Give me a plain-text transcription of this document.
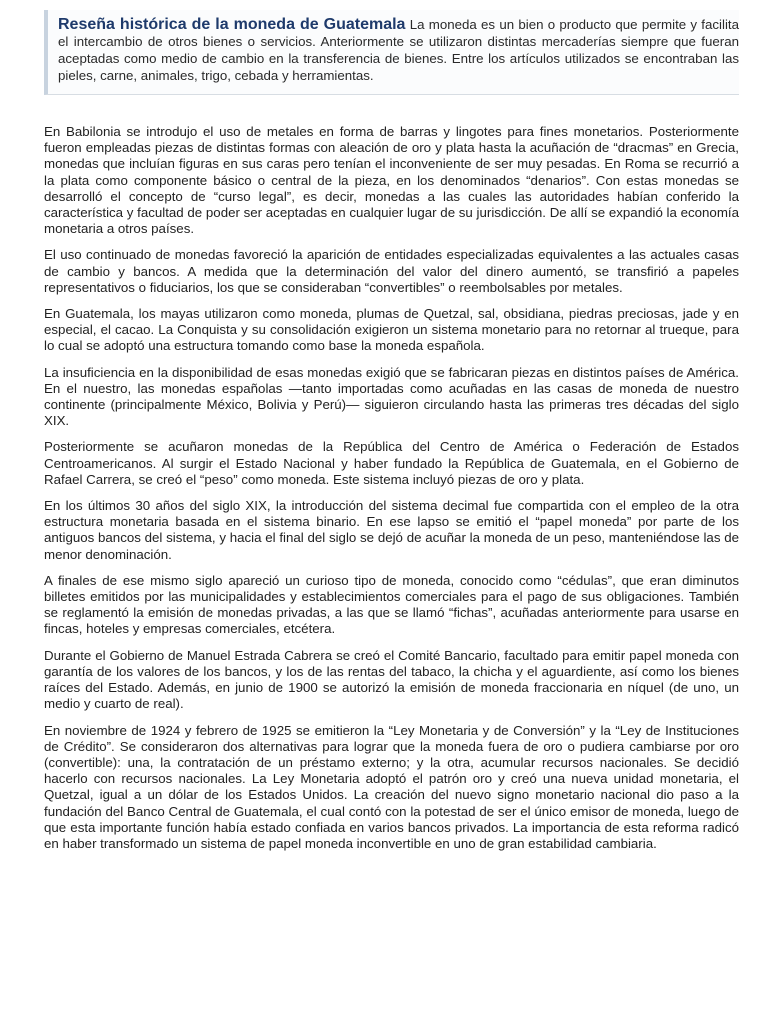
Reseña histórica de la moneda de Guatemala La moneda es un bien o producto que permite y facilita el intercambio de otros bienes o servicios. Anteriormente se utilizaron distintas mercaderías siempre que fueran aceptadas como medio de cambio en la transferencia de bienes. Entre los artículos utilizados se encontraban las pieles, carne, animales, trigo, cebada y herramientas.

En Babilonia se introdujo el uso de metales en forma de barras y lingotes para fines monetarios. Posteriormente fueron empleadas piezas de distintas formas con aleación de oro y plata hasta la acuñación de “dracmas” en Grecia, monedas que incluían figuras en sus caras pero tenían el inconveniente de ser muy pesadas. En Roma se recurrió a la plata como componente básico o central de la pieza, en los denominados “denarios”. Con estas monedas se desarrolló el concepto de “curso legal”, es decir, monedas a las cuales las autoridades habían conferido la característica y facultad de poder ser aceptadas en cualquier lugar de su jurisdicción. De allí se expandió la economía monetaria a otros países.

El uso continuado de monedas favoreció la aparición de entidades especializadas equivalentes a las actuales casas de cambio y bancos. A medida que la determinación del valor del dinero aumentó, se transfirió a papeles representativos o fiduciarios, los que se consideraban “convertibles” o reembolsables por metales.

En Guatemala, los mayas utilizaron como moneda, plumas de Quetzal, sal, obsidiana, piedras preciosas, jade y en especial, el cacao. La Conquista y su consolidación exigieron un sistema monetario para no retornar al trueque, para lo cual se adoptó una estructura tomando como base la moneda española.

La insuficiencia en la disponibilidad de esas monedas exigió que se fabricaran piezas en distintos países de América. En el nuestro, las monedas españolas —tanto importadas como acuñadas en las casas de moneda de nuestro continente (principalmente México, Bolivia y Perú)— siguieron circulando hasta las primeras tres décadas del siglo XIX.

Posteriormente se acuñaron monedas de la República del Centro de América o Federación de Estados Centroamericanos. Al surgir el Estado Nacional y haber fundado la República de Guatemala, en el Gobierno de Rafael Carrera, se creó el “peso” como moneda. Este sistema incluyó piezas de oro y plata.

En los últimos 30 años del siglo XIX, la introducción del sistema decimal fue compartida con el empleo de la otra estructura monetaria basada en el sistema binario. En ese lapso se emitió el “papel moneda” por parte de los antiguos bancos del sistema, y hacia el final del siglo se dejó de acuñar la moneda de un peso, manteniéndose las de menor denominación.

A finales de ese mismo siglo apareció un curioso tipo de moneda, conocido como “cédulas”, que eran diminutos billetes emitidos por las municipalidades y establecimientos comerciales para el pago de sus obligaciones. También se reglamentó la emisión de monedas privadas, a las que se llamó “fichas”, acuñadas anteriormente para usarse en fincas, hoteles y empresas comerciales, etcétera.

Durante el Gobierno de Manuel Estrada Cabrera se creó el Comité Bancario, facultado para emitir papel moneda con garantía de los valores de los bancos, y los de las rentas del tabaco, la chicha y el aguardiente, así como los bienes raíces del Estado. Además, en junio de 1900 se autorizó la emisión de moneda fraccionaria en níquel (de uno, un medio y cuarto de real).

En noviembre de 1924 y febrero de 1925 se emitieron la “Ley Monetaria y de Conversión” y la “Ley de Instituciones de Crédito”. Se consideraron dos alternativas para lograr que la moneda fuera de oro o pudiera cambiarse por oro (convertible): una, la contratación de un préstamo externo; y la otra, acumular recursos nacionales. Se decidió hacerlo con recursos nacionales. La Ley Monetaria adoptó el patrón oro y creó una nueva unidad monetaria, el Quetzal, igual a un dólar de los Estados Unidos. La creación del nuevo signo monetario nacional dio paso a la fundación del Banco Central de Guatemala, el cual contó con la potestad de ser el único emisor de moneda, luego de que esta importante función había estado confiada en varios bancos privados. La importancia de esta reforma radicó en haber transformado un sistema de papel moneda inconvertible en uno de gran estabilidad cambiaria.
